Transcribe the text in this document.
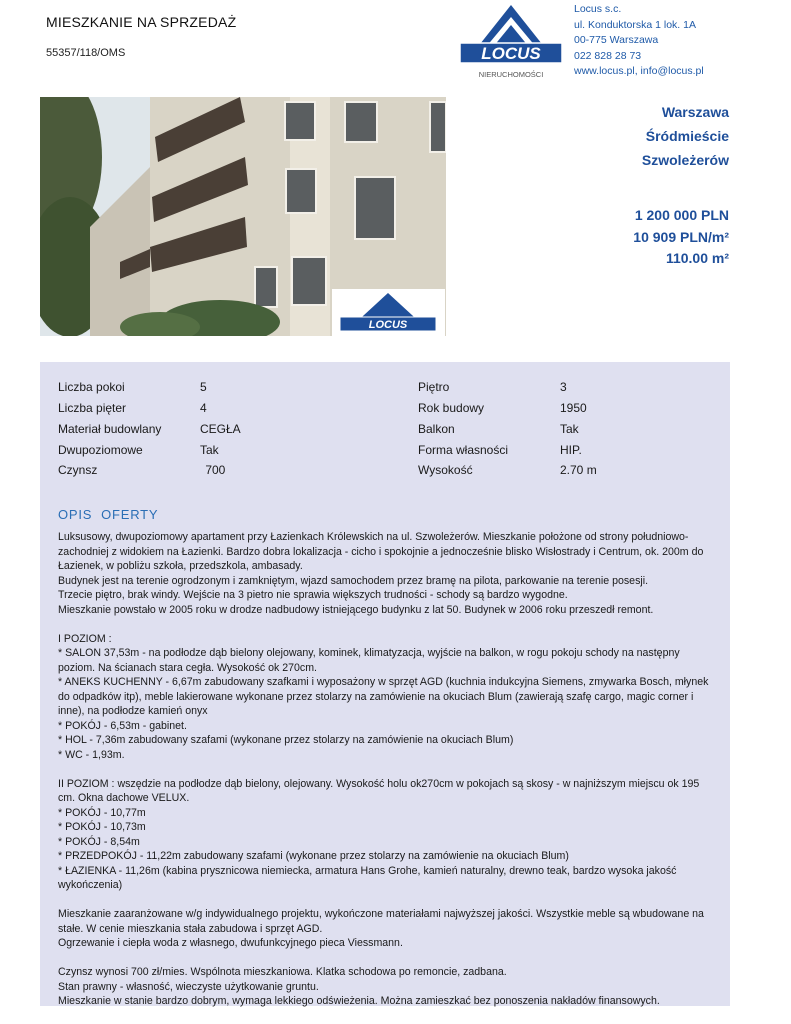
MIESZKANIE NA SPRZEDAŻ
55357/118/OMS	LOCUS
NIERUCHOMOŚCI
Locus s.c.
ul. Konduktorska 1 lok. 1A
00-775 Warszawa
022 828 28 73
www.locus.pl, info@locus.pl
LOCUS
Warszawa
Śródmieście
Szwoleżerów
1 200 000 PLN
10 909 PLN/m²
110.00 m²
Liczba pokoi	5
Liczba pięter	4
Materiał budowlany	CEGŁA
Dwupoziomowe	Tak
Czynsz	700
Piętro	3
Rok budowy	1950
Balkon	Tak
Forma własności	HIP.
Wysokość	2.70 m
OPIS  OFERTY

Luksusowy, dwupoziomowy apartament przy Łazienkach Królewskich na ul. Szwoleżerów. Mieszkanie położone od strony południowo-zachodniej z widokiem na Łazienki. Bardzo dobra lokalizacja - cicho i spokojnie a jednocześnie blisko Wisłostrady i Centrum, ok. 200m do Łazienek, w pobliżu szkoła, przedszkola, ambasady.

Budynek jest na terenie ogrodzonym i zamkniętym, wjazd samochodem przez bramę na pilota, parkowanie na terenie posesji.

Trzecie piętro, brak windy. Wejście na 3 pietro nie sprawia większych trudności - schody są bardzo wygodne.

Mieszkanie powstało w 2005 roku w drodze nadbudowy istniejącego budynku z lat 50. Budynek w 2006 roku przeszedł remont.

I POZIOM :

* SALON 37,53m - na podłodze dąb bielony olejowany, kominek, klimatyzacja, wyjście na balkon, w rogu pokoju schody na następny poziom. Na ścianach stara cegła. Wysokość ok 270cm.

* ANEKS KUCHENNY - 6,67m zabudowany szafkami i wyposażony w sprzęt AGD (kuchnia indukcyjna Siemens, zmywarka Bosch, młynek do odpadków itp), meble lakierowane wykonane przez stolarzy na zamówienie na okuciach Blum (zawierają szafę cargo, magic corner i inne), na podłodze kamień onyx

* POKÓJ - 6,53m - gabinet.

* HOL - 7,36m zabudowany szafami (wykonane przez stolarzy na zamówienie na okuciach Blum)

* WC - 1,93m.

II POZIOM : wszędzie na podłodze dąb bielony, olejowany. Wysokość holu ok270cm w pokojach są skosy - w najniższym miejscu ok 195 cm. Okna dachowe VELUX.

* POKÓJ - 10,77m

* POKÓJ - 10,73m

* POKÓJ - 8,54m

* PRZEDPOKÓJ - 11,22m zabudowany szafami (wykonane przez stolarzy na zamówienie na okuciach Blum)

* ŁAZIENKA - 11,26m (kabina prysznicowa niemiecka, armatura Hans Grohe, kamień naturalny, drewno teak, bardzo wysoka jakość wykończenia)

Mieszkanie zaaranżowane w/g indywidualnego projektu, wykończone materiałami najwyższej jakości. Wszystkie meble są wbudowane na stałe. W cenie mieszkania stała zabudowa i sprzęt AGD.

Ogrzewanie i ciepła woda z własnego, dwufunkcyjnego pieca Viessmann.

Czynsz wynosi 700 zł/mies. Wspólnota mieszkaniowa. Klatka schodowa po remoncie, zadbana.

Stan prawny - własność, wieczyste użytkowanie gruntu.

Mieszkanie w stanie bardzo dobrym, wymaga lekkiego odświeżenia. Można zamieszkać bez ponoszenia nakładów finansowych.
